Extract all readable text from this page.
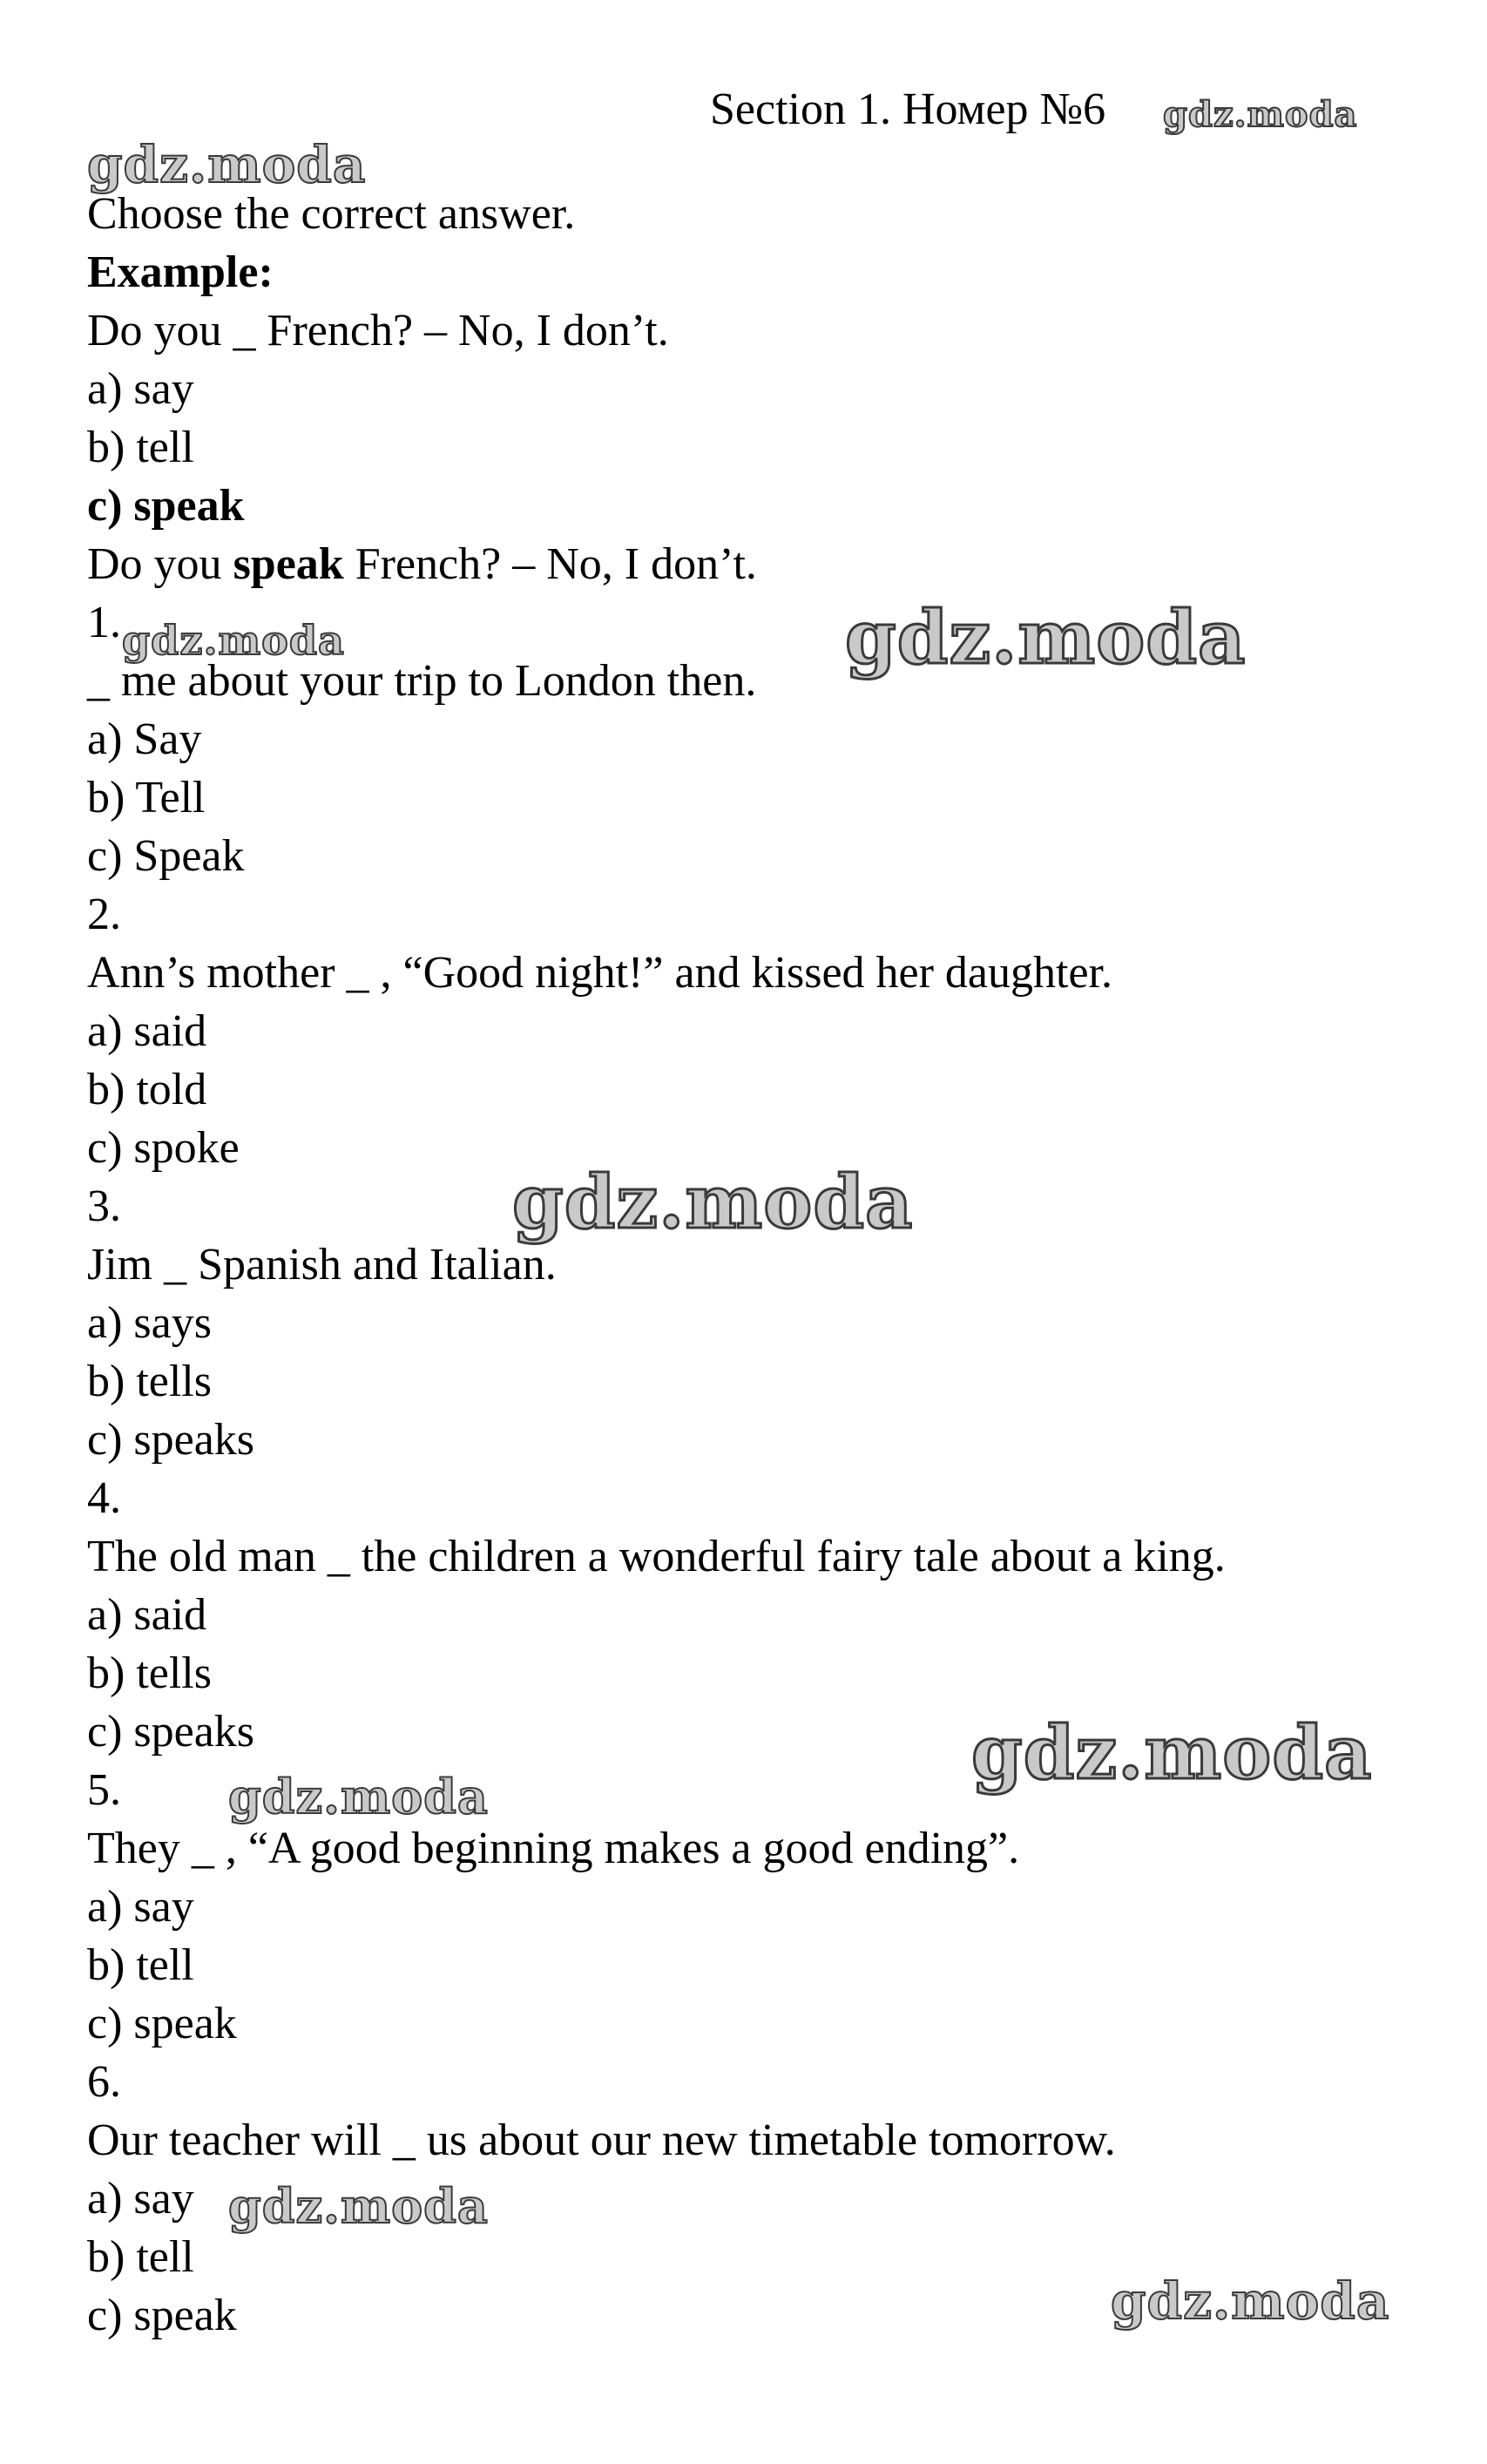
Section 1. Номер №6 gdz.moda
gdz.moda
gdz.moda	gdz.moda
gdz.moda
gdz.moda
gdz.moda
gdz.moda
gdz.moda
Choose the correct answer.
Example:
Do you _ French? – No, I don’t.
a) say
b) tell
c) speak
Do you speak French? – No, I don’t.
1.
_ me about your trip to London then.
a) Say
b) Tell
c) Speak
2.
Ann’s mother _ , “Good night!” and kissed her daughter.
a) said
b) told
c) spoke
3.
Jim _ Spanish and Italian.
a) says
b) tells
c) speaks
4.
The old man _ the children a wonderful fairy tale about a king.
a) said
b) tells
c) speaks
5.
They _ , “A good beginning makes a good ending”.
a) say
b) tell
c) speak
6.
Our teacher will _ us about our new timetable tomorrow.
a) say
b) tell
c) speak
